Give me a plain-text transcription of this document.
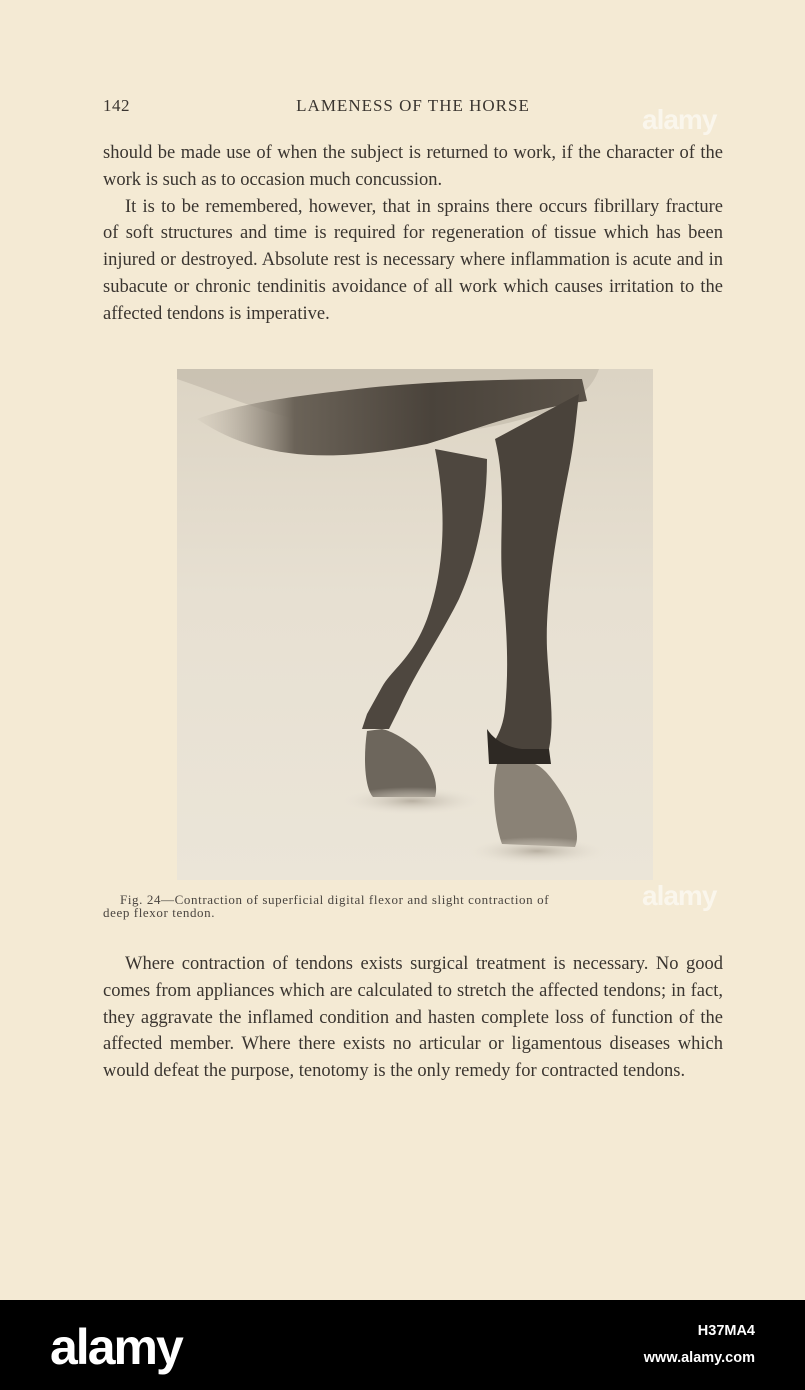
142	LAMENESS OF THE HORSE

should be made use of when the subject is returned to work, if the character of the work is such as to occasion much concussion.

It is to be remembered, however, that in sprains there occurs fibrillary fracture of soft structures and time is required for regeneration of tissue which has been injured or destroyed. Absolute rest is necessary where inflammation is acute and in subacute or chronic tendinitis avoidance of all work which causes irritation to the affected tendons is imperative.

Fig. 24—Contraction of superficial digital flexor and slight contraction of
deep flexor tendon.

Where contraction of tendons exists surgical treatment is necessary. No good comes from appliances which are calculated to stretch the affected tendons; in fact, they aggravate the inflamed condition and hasten complete loss of function of the affected member. Where there exists no articular or ligamentous diseases which would defeat the purpose, tenotomy is the only remedy for contracted tendons.

alamy
alamy
alamy	H37MA4
www.alamy.com
